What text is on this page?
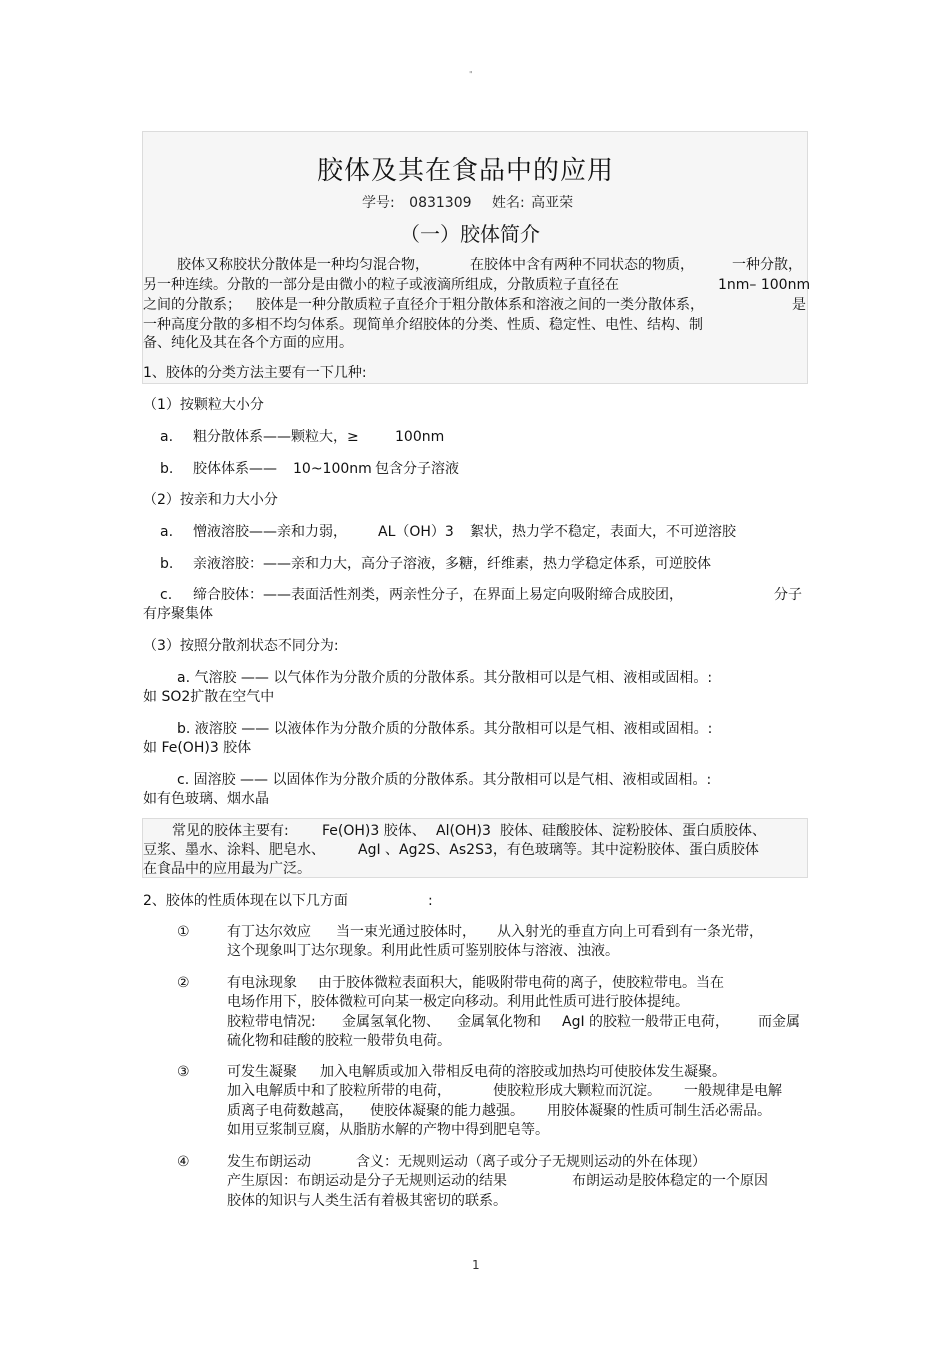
"
胶体及其在食品中的应用
学号: 0831309 姓名: 高亚荣
（一）胶体简介
胶体又称胶状分散体是一种均匀混合物，	在胶体中含有两种不同状态的物质，	一种分散，
另一种连续。分散的一部分是由微小的粒子或液滴所组成，分散质粒子直径在	1nm– 100nm
之间的分散系； 胶体是一种分散质粒子直径介于粗分散体系和溶液之间的一类分散体系，	是
一种高度分散的多相不均匀体系。现简单介绍胶体的分类、性质、稳定性、电性、结构、制
备、纯化及其在各个方面的应用。
1、胶体的分类方法主要有一下几种:
（1）按颗粒大小分
a. 粗分散体系——颗粒大，≥	100nm
b. 胶体体系—— 10~100nm 包含分子溶液
（2）按亲和力大小分
a. 憎液溶胶——亲和力弱， AL（OH）3 絮状，热力学不稳定，表面大，不可逆溶胶
b. 亲液溶胶：——亲和力大，高分子溶液，多糖，纤维素，热力学稳定体系，可逆胶体
c. 缔合胶体：——表面活性剂类，两亲性分子，在界面上易定向吸附缔合成胶团，	分子
有序聚集体
（3）按照分散剂状态不同分为:
a. 气溶胶 —— 以气体作为分散介质的分散体系。其分散相可以是气相、液相或固相。:
如 SO2扩散在空气中
b. 液溶胶 —— 以液体作为分散介质的分散体系。其分散相可以是气相、液相或固相。:
如 Fe(OH)3 胶体
c. 固溶胶 —— 以固体作为分散介质的分散体系。其分散相可以是气相、液相或固相。:
如有色玻璃、烟水晶
常见的胶体主要有: Fe(OH)3 胶体、 Al(OH)3 胶体、硅酸胶体、淀粉胶体、蛋白质胶体、
豆浆、墨水、涂料、肥皂水、 AgI 、Ag2S、As2S3，有色玻璃等。其中淀粉胶体、蛋白质胶体
在食品中的应用最为广泛。
2、胶体的性质体现在以下几方面	:
①	有丁达尔效应 当一束光通过胶体时， 从入射光的垂直方向上可看到有一条光带，
这个现象叫丁达尔现象。利用此性质可鉴别胶体与溶液、浊液。
②	有电泳现象 由于胶体微粒表面积大，能吸附带电荷的离子，使胶粒带电。当在
电场作用下，胶体微粒可向某一极定向移动。利用此性质可进行胶体提纯。
胶粒带电情况: 金属氢氧化物、 金属氧化物和 AgI 的胶粒一般带正电荷， 而金属
硫化物和硅酸的胶粒一般带负电荷。
③	可发生凝聚 加入电解质或加入带相反电荷的溶胶或加热均可使胶体发生凝聚。
加入电解质中和了胶粒所带的电荷，	使胶粒形成大颗粒而沉淀。 一般规律是电解
质离子电荷数越高， 使胶体凝聚的能力越强。 用胶体凝聚的性质可制生活必需品。
如用豆浆制豆腐，从脂肪水解的产物中得到肥皂等。
④	发生布朗运动	含义：无规则运动（离子或分子无规则运动的外在体现）
产生原因：布朗运动是分子无规则运动的结果	布朗运动是胶体稳定的一个原因
胶体的知识与人类生活有着极其密切的联系。
1
